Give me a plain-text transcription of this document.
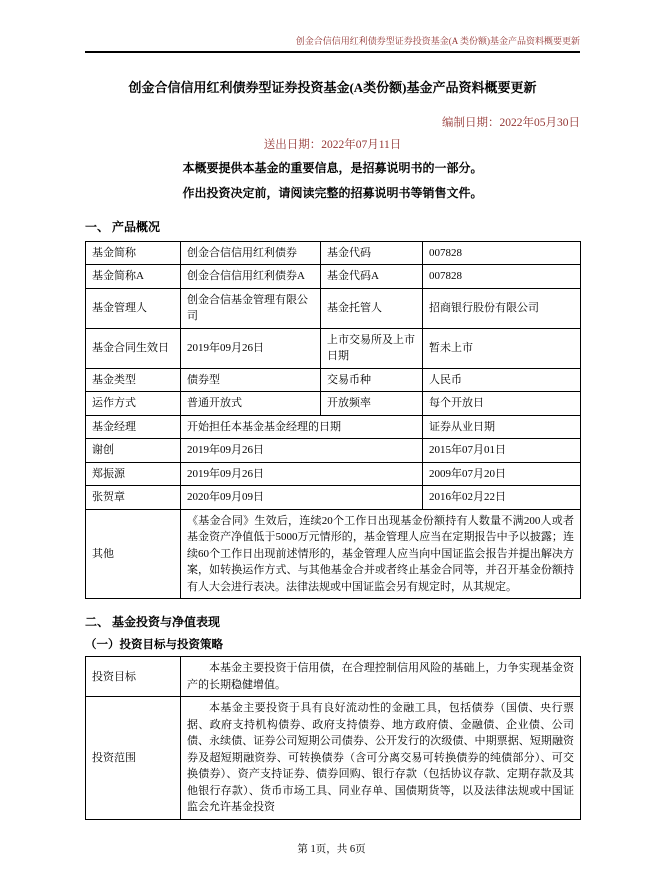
创金合信信用红利债券型证券投资基金(A 类份额)基金产品资料概要更新
创金合信信用红利债券型证券投资基金(A类份额)基金产品资料概要更新
编制日期：2022年05月30日
送出日期：2022年07月11日
本概要提供本基金的重要信息，是招募说明书的一部分。
作出投资决定前，请阅读完整的招募说明书等销售文件。
一、 产品概况
基金简称	创金合信信用红利债券	基金代码	007828
基金简称A	创金合信信用红利债券A	基金代码A	007828
基金管理人	创金合信基金管理有限公司	基金托管人	招商银行股份有限公司
基金合同生效日	2019年09月26日	上市交易所及上市日期	暂未上市
基金类型	债券型	交易币种	人民币
运作方式	普通开放式	开放频率	每个开放日
基金经理	开始担任本基金基金经理的日期		证券从业日期
谢创	2019年09月26日		2015年07月01日
郑振源	2019年09月26日		2009年07月20日
张贺章	2020年09月09日		2016年02月22日
其他	《基金合同》生效后，连续20个工作日出现基金份额持有人数量不满200人或者基金资产净值低于5000万元情形的，基金管理人应当在定期报告中予以披露；连续60个工作日出现前述情形的，基金管理人应当向中国证监会报告并提出解决方案，如转换运作方式、与其他基金合并或者终止基金合同等，并召开基金份额持有人大会进行表决。法律法规或中国证监会另有规定时，从其规定。		
二、 基金投资与净值表现
（一）投资目标与投资策略
投资目标	本基金主要投资于信用债，在合理控制信用风险的基础上，力争实现基金资产的长期稳健增值。
投资范围	本基金主要投资于具有良好流动性的金融工具，包括债券（国债、央行票据、政府支持机构债券、政府支持债券、地方政府债、金融债、企业债、公司债、永续债、证券公司短期公司债券、公开发行的次级债、中期票据、短期融资券及超短期融资券、可转换债券（含可分离交易可转换债券的纯债部分）、可交换债券）、资产支持证券、债券回购、银行存款（包括协议存款、定期存款及其他银行存款）、货币市场工具、同业存单、国债期货等，以及法律法规或中国证监会允许基金投资
第 1页，共 6页
